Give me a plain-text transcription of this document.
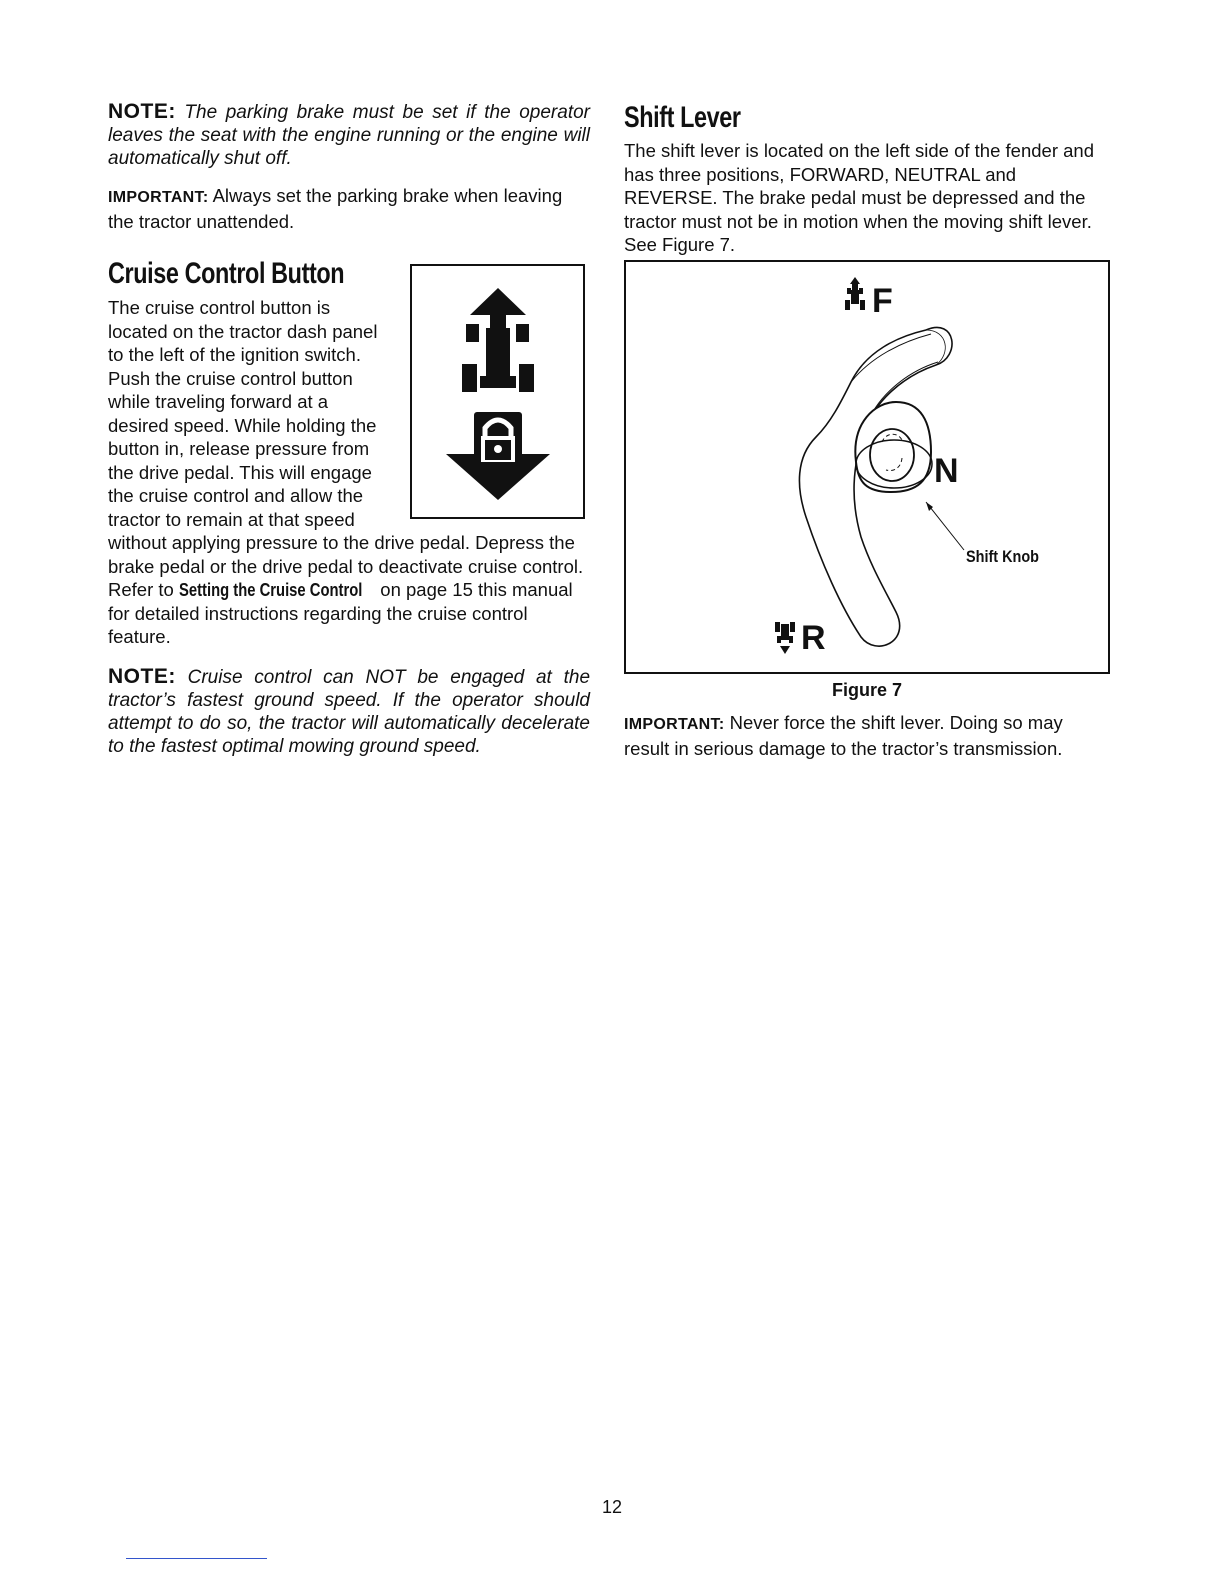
NOTE: The parking brake must be set if the operator leaves the seat with the engine running or the engine will automatically shut off.

IMPORTANT: Always set the parking brake when leaving the tractor unattended.

Cruise Control Button
The cruise control button is
located on the tractor dash panel
to the left of the ignition switch.
Push the cruise control button
while traveling forward at a
desired speed. While holding the
button in, release pressure from
the drive pedal. This will engage
the cruise control and allow the
tractor to remain at that speed

without applying pressure to the drive pedal. Depress the brake pedal or the drive pedal to deactivate cruise control. Refer to Setting the Cruise Control on page 15 this manual for detailed instructions regarding the cruise control feature.

NOTE: Cruise control can NOT be engaged at the tractor’s fastest ground speed. If the operator should attempt to do so, the tractor will automatically decelerate to the fastest optimal mowing ground speed.

Shift Lever

The shift lever is located on the left side of the fender and has three positions, FORWARD, NEUTRAL and REVERSE. The brake pedal must be depressed and the tractor must not be in motion when the moving shift lever. See Figure 7.

F
N
Shift Knob
R
Figure 7

IMPORTANT: Never force the shift lever. Doing so may result in serious damage to the tractor’s transmission.

12
